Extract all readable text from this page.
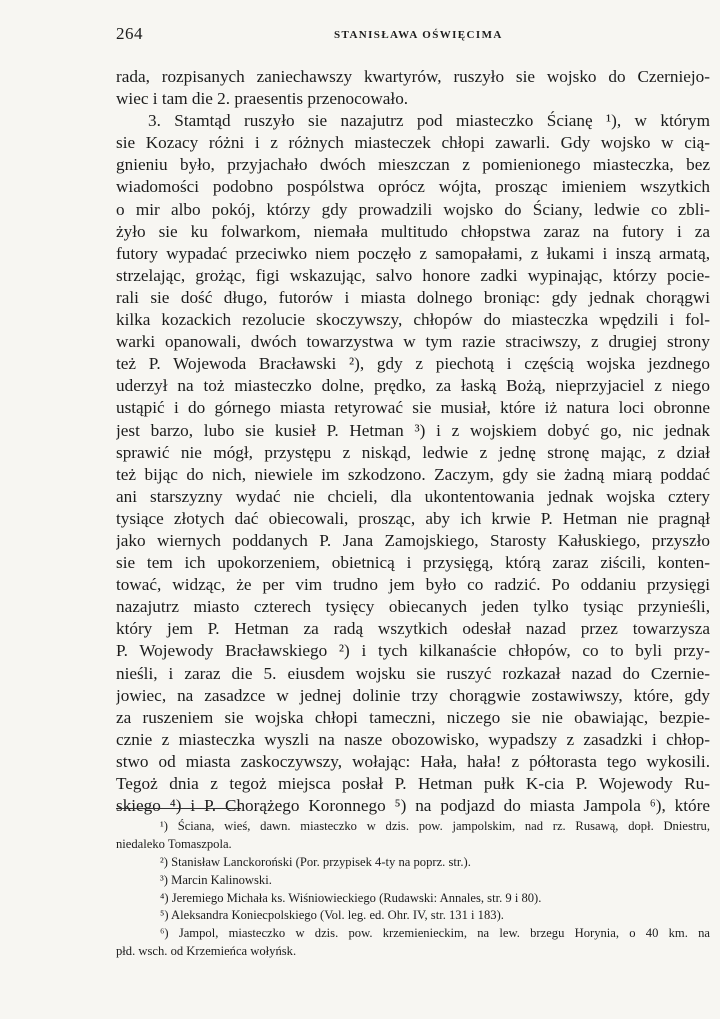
264	STANISŁAWA OŚWIĘCIMA
rada, rozpisanych zaniechawszy kwartyrów, ruszyło sie wojsko do Czerniejo-
wiec i tam die 2. praesentis przenocowało.
3. Stamtąd ruszyło sie nazajutrz pod miasteczko Ścianę ¹), w którym
sie Kozacy różni i z różnych miasteczek chłopi zawarli. Gdy wojsko w cią-
gnieniu było, przyjachało dwóch mieszczan z pomienionego miasteczka, bez
wiadomości podobno pospólstwa oprócz wójta, prosząc imieniem wszytkich
o mir albo pokój, którzy gdy prowadzili wojsko do Ściany, ledwie co zbli-
żyło sie ku folwarkom, niemała multitudo chłopstwa zaraz na futory i za
futory wypadać przeciwko niem poczęło z samopałami, z łukami i inszą armatą,
strzelając, grożąc, figi wskazując, salvo honore zadki wypinając, którzy pocie-
rali sie dość długo, futorów i miasta dolnego broniąc: gdy jednak chorągwi
kilka kozackich rezolucie skoczywszy, chłopów do miasteczka wpędzili i fol-
warki opanowali, dwóch towarzystwa w tym razie straciwszy, z drugiej strony
też P. Wojewoda Bracławski ²), gdy z piechotą i częścią wojska jezdnego
uderzył na toż miasteczko dolne, prędko, za łaską Bożą, nieprzyjaciel z niego
ustąpić i do górnego miasta retyrować sie musiał, które iż natura loci obronne
jest barzo, lubo sie kusieł P. Hetman ³) i z wojskiem dobyć go, nic jednak
sprawić nie mógł, przystępu z niskąd, ledwie z jednę stronę mając, z dział
też bijąc do nich, niewiele im szkodzono. Zaczym, gdy sie żadną miarą poddać
ani starszyzny wydać nie chcieli, dla ukontentowania jednak wojska cztery
tysiące złotych dać obiecowali, prosząc, aby ich krwie P. Hetman nie pragnął
jako wiernych poddanych P. Jana Zamojskiego, Starosty Kałuskiego, przyszło
sie tem ich upokorzeniem, obietnicą i przysięgą, którą zaraz ziścili, konten-
tować, widząc, że per vim trudno jem było co radzić. Po oddaniu przysięgi
nazajutrz miasto czterech tysięcy obiecanych jeden tylko tysiąc przynieśli,
który jem P. Hetman za radą wszytkich odesłał nazad przez towarzysza
P. Wojewody Bracławskiego ²) i tych kilkanaście chłopów, co to byli przy-
nieśli, i zaraz die 5. eiusdem wojsku sie ruszyć rozkazał nazad do Czernie-
jowiec, na zasadzce w jednej dolinie trzy chorągwie zostawiwszy, które, gdy
za ruszeniem sie wojska chłopi tameczni, niczego sie nie obawiając, bezpie-
cznie z miasteczka wyszli na nasze obozowisko, wypadszy z zasadzki i chłop-
stwo od miasta zaskoczywszy, wołając: Hała, hała! z półtorasta tego wykosili.
Tegoż dnia z tegoż miejsca posłał P. Hetman pułk K-cia P. Wojewody Ru-
skiego ⁴) i P. Chorążego Koronnego ⁵) na podjazd do miasta Jampola ⁶), które
¹) Ściana, wieś, dawn. miasteczko w dzis. pow. jampolskim, nad rz. Rusawą, dopł. Dniestru,
niedaleko Tomaszpola.
²) Stanisław Lanckoroński (Por. przypisek 4-ty na poprz. str.).
³) Marcin Kalinowski.
⁴) Jeremiego Michała ks. Wiśniowieckiego (Rudawski: Annales, str. 9 i 80).
⁵) Aleksandra Koniecpolskiego (Vol. leg. ed. Ohr. IV, str. 131 i 183).
⁶) Jampol, miasteczko w dzis. pow. krzemienieckim, na lew. brzegu Horynia, o 40 km. na
płd. wsch. od Krzemieńca wołyńsk.
